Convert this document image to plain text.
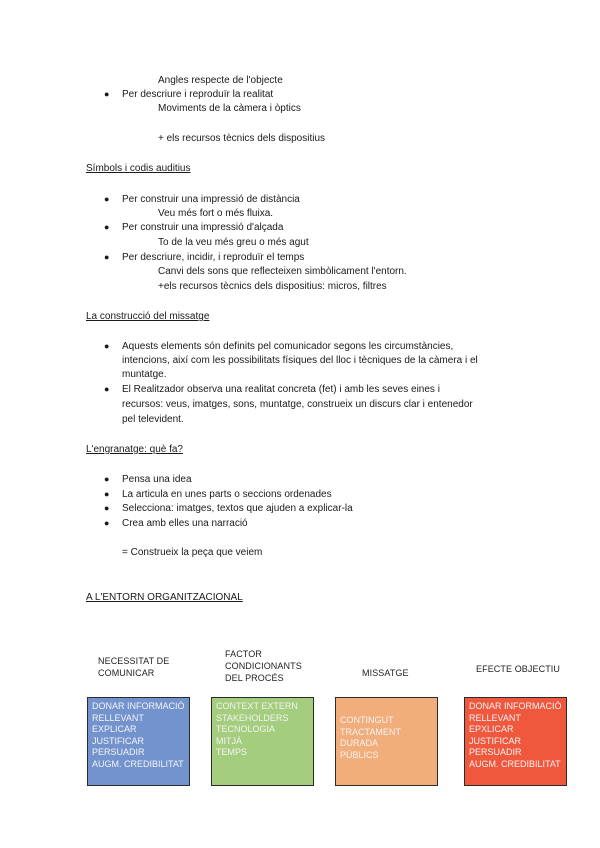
Angles respecte de l'objecte
● Per descriure i reproduïr la realitat
Moviments de la càmera i òptics
+ els recursos tècnics dels dispositius
Símbols i codis auditius
● Per construir una impressió de distància
Veu més fort o més fluixa.
● Per construir una impressió d'alçada
To de la veu més greu o més agut
● Per descriure, incidir, i reproduïr el temps
Canvi dels sons que reflecteixen simbòlicament l'entorn.
+els recursos tècnics dels dispositius: micros, filtres
La construcció del missatge
● Aquests elements són definits pel comunicador segons les circumstàncies,
intencions, així com les possibilitats físiques del lloc i tècniques de la càmera i el
muntatge.
● El Realitzador observa una realitat concreta (fet) i amb les seves eines i
recursos: veus, imatges, sons, muntatge, construeix un discurs clar i entenedor
pel televident.
L'engranatge: què fa?
● Pensa una idea
● La articula en unes parts o seccions ordenades
● Selecciona: imatges, textos que ajuden a explicar-la
● Crea amb elles una narració
= Construeix la peça que veiem
A L'ENTORN ORGANITZACIONAL
NECESSITAT DE
COMUNICAR
FACTOR
CONDICIONANTS
DEL PROCÉS	MISSATGE	EFECTE OBJECTIU
DONAR INFORMACIÓ
RELLEVANT
EXPLICAR
JUSTIFICAR
PERSUADIR
AUGM. CREDIBILITAT
CONTEXT EXTERN
STAKEHOLDERS
TECNOLOGIA
MITJÀ
TEMPS
CONTINGUT
TRACTAMENT
DURADA
PÚBLICS
DONAR INFORMACIÓ
RELLEVANT
EPXLICAR
JUSTIFICAR
PERSUADIR
AUGM. CREDIBILITAT
